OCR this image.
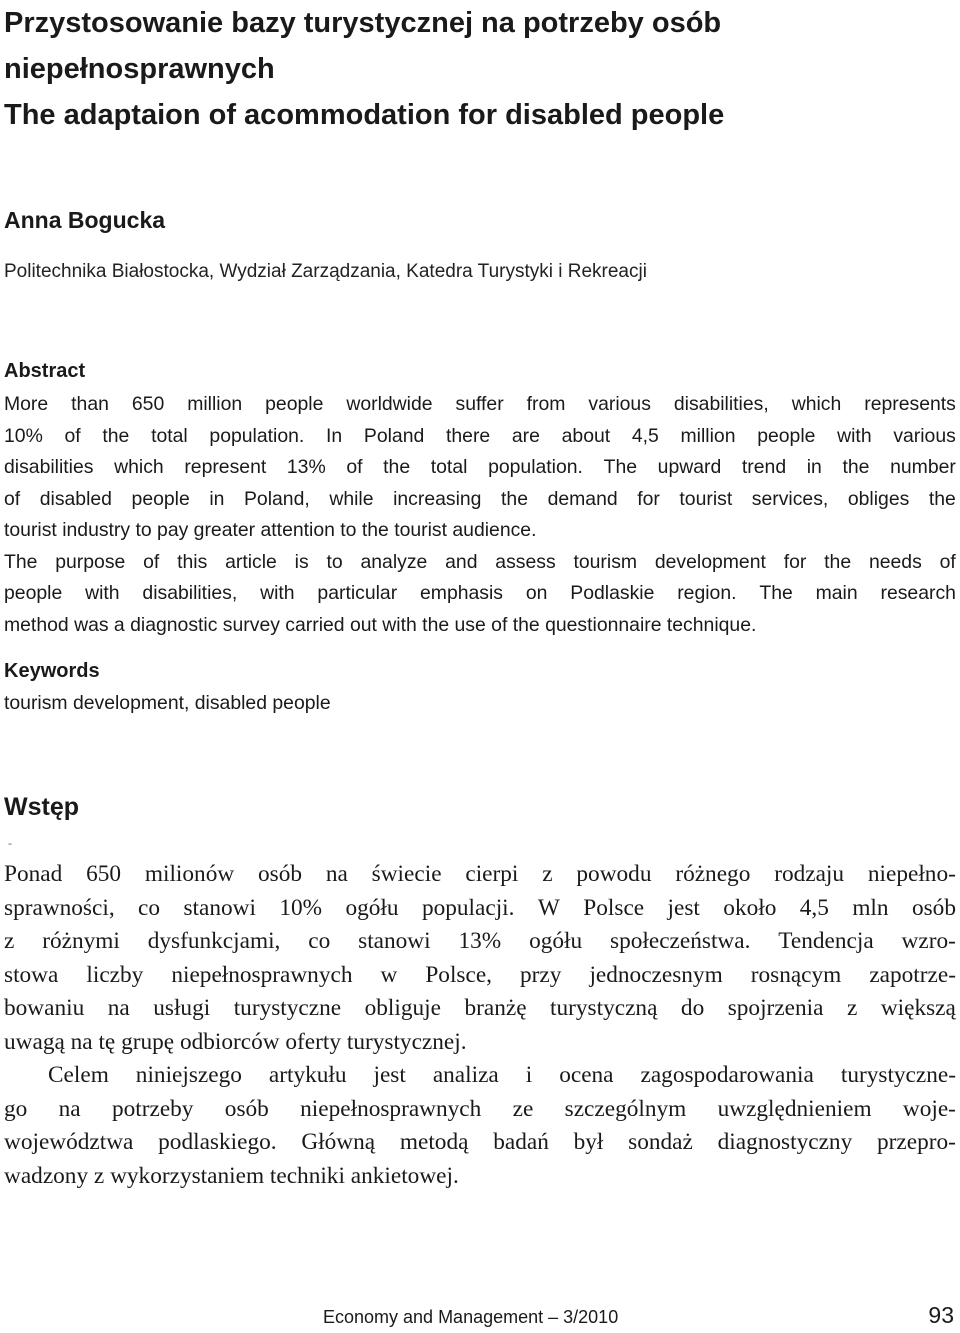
Przystosowanie bazy turystycznej na potrzeby osób
niepełnosprawnych
The adaptaion of acommodation for disabled people
Anna Bogucka
Politechnika Białostocka, Wydział Zarządzania, Katedra Turystyki i Rekreacji
Abstract
More than 650 million people worldwide suffer from various disabilities, which represents
10% of the total population. In Poland there are about 4,5 million people with various
disabilities which represent 13% of the total population. The upward trend in the number
of disabled people in Poland, while increasing the demand for tourist services, obliges the
tourist industry to pay greater attention to the tourist audience.
The purpose of this article is to analyze and assess tourism development for the needs of
people with disabilities, with particular emphasis on Podlaskie region. The main research
method was a diagnostic survey carried out with the use of the questionnaire technique.
Keywords
tourism development, disabled people
Wstęp
-
Ponad 650 milionów osób na świecie cierpi z powodu różnego rodzaju niepełno-
sprawności, co stanowi 10% ogółu populacji. W Polsce jest około 4,5 mln osób
z różnymi dysfunkcjami, co stanowi 13% ogółu społeczeństwa. Tendencja wzro-
stowa liczby niepełnosprawnych w Polsce, przy jednoczesnym rosnącym zapotrze-
bowaniu na usługi turystyczne obliguje branżę turystyczną do spojrzenia z większą
uwagą na tę grupę odbiorców oferty turystycznej.
Celem niniejszego artykułu jest analiza i ocena zagospodarowania turystyczne-
go na potrzeby osób niepełnosprawnych ze szczególnym uwzględnieniem woje-
województwa podlaskiego. Główną metodą badań był sondaż diagnostyczny przepro-
wadzony z wykorzystaniem techniki ankietowej.
Economy and Management – 3/2010	93
